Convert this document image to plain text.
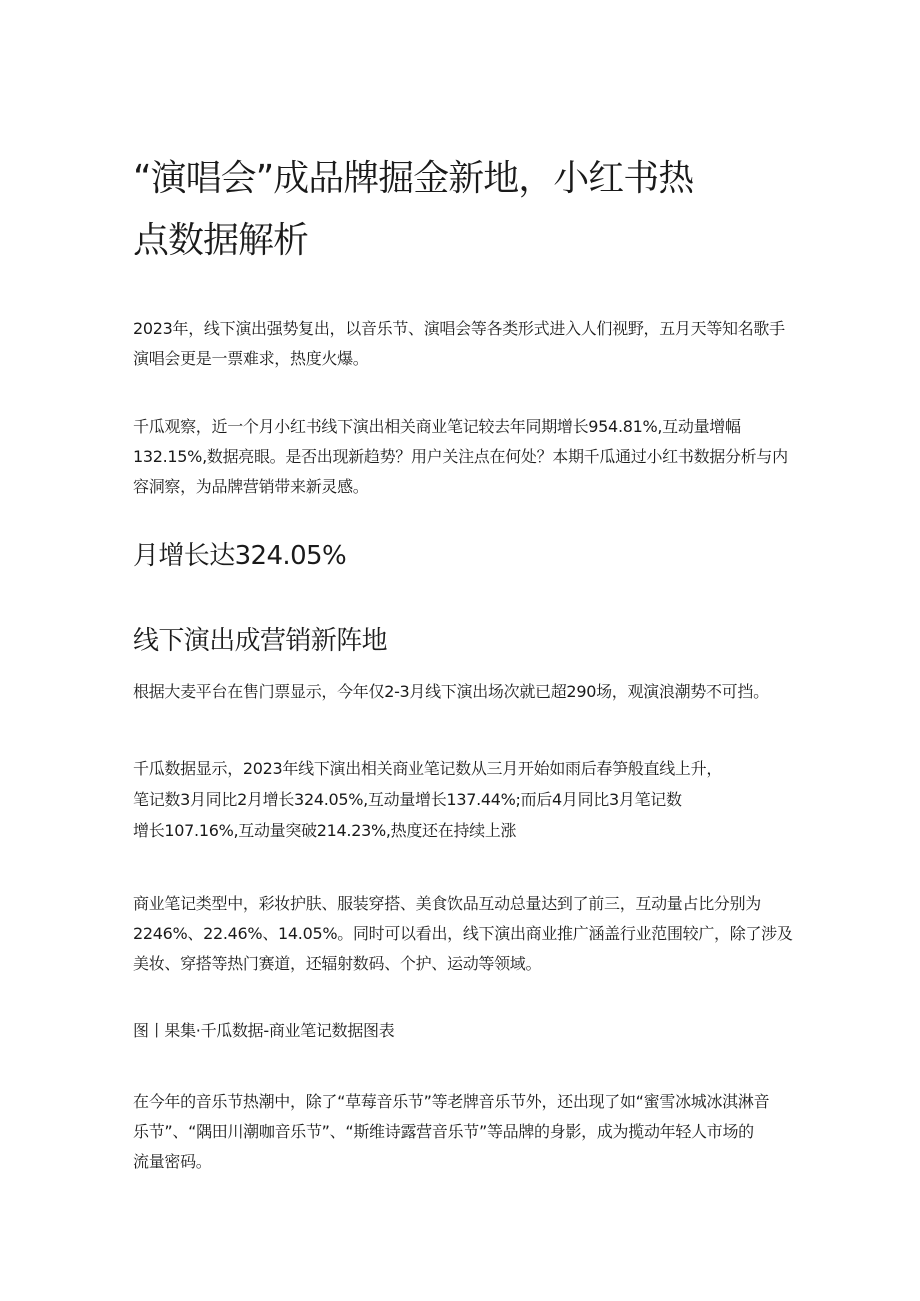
“演唱会”成品牌掘金新地，小红书热
点数据解析

2023年，线下演出强势复出，以音乐节、演唱会等各类形式进入人们视野，五月天等知名歌手
演唱会更是一票难求，热度火爆。

千瓜观察，近一个月小红书线下演出相关商业笔记较去年同期增长954.81%,互动量增幅
132.15%,数据亮眼。是否出现新趋势？用户关注点在何处？本期千瓜通过小红书数据分析与内
容洞察，为品牌营销带来新灵感。

月增长达324.05%
线下演出成营销新阵地

根据大麦平台在售门票显示，今年仅2-3月线下演出场次就已超290场，观演浪潮势不可挡。

千瓜数据显示，2023年线下演出相关商业笔记数从三月开始如雨后春笋般直线上升，
笔记数3月同比2月增长324.05%,互动量增长137.44%;而后4月同比3月笔记数
增长107.16%,互动量突破214.23%,热度还在持续上涨

商业笔记类型中，彩妆护肤、服装穿搭、美食饮品互动总量达到了前三，互动量占比分别为
2246%、22.46%、14.05%。同时可以看出，线下演出商业推广涵盖行业范围较广，除了涉及
美妆、穿搭等热门赛道，还辐射数码、个护、运动等领域。

图丨果集·千瓜数据-商业笔记数据图表

在今年的音乐节热潮中，除了“草莓音乐节”等老牌音乐节外，还出现了如“蜜雪冰城冰淇淋音
乐节”、“隅田川潮咖音乐节”、“斯维诗露营音乐节”等品牌的身影，成为揽动年轻人市场的
流量密码。
